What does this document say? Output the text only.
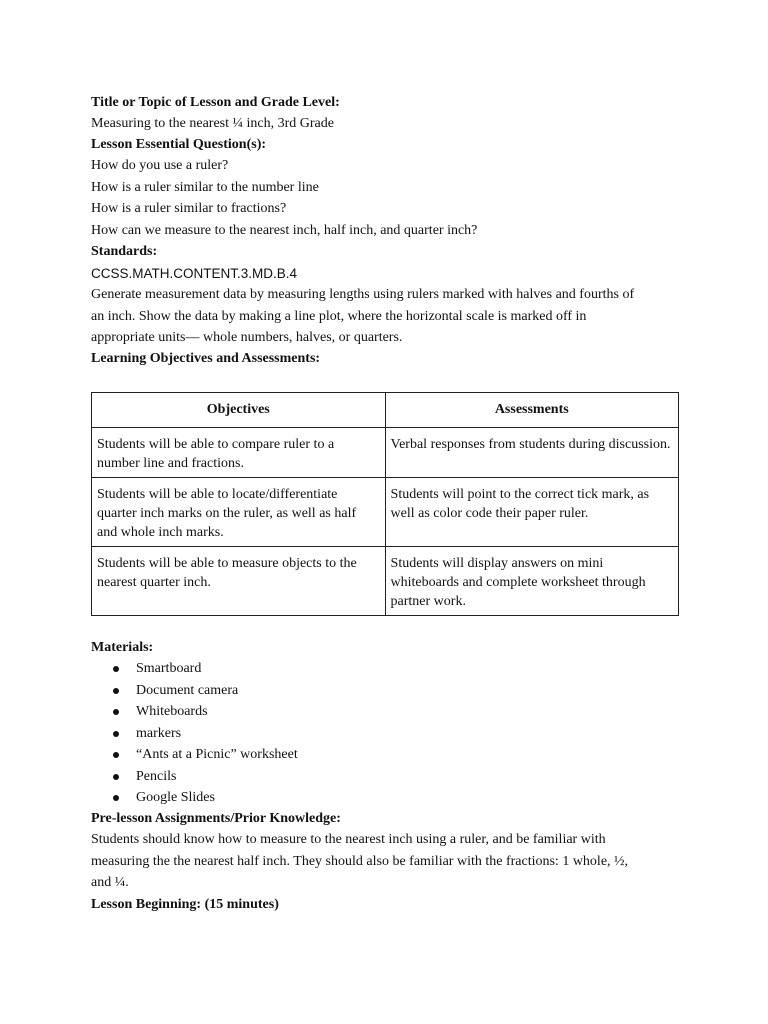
Title or Topic of Lesson and Grade Level:
Measuring to the nearest ¼ inch, 3rd Grade
Lesson Essential Question(s):
How do you use a ruler?
How is a ruler similar to the number line
How is a ruler similar to fractions?
How can we measure to the nearest inch, half inch, and quarter inch?
Standards:
CCSS.MATH.CONTENT.3.MD.B.4
Generate measurement data by measuring lengths using rulers marked with halves and fourths of
an inch. Show the data by making a line plot, where the horizontal scale is marked off in
appropriate units— whole numbers, halves, or quarters.
Learning Objectives and Assessments:
Objectives	Assessments
Students will be able to compare ruler to a number line and fractions.	Verbal responses from students during discussion.
Students will be able to locate/differentiate quarter inch marks on the ruler, as well as half and whole inch marks.	Students will point to the correct tick mark, as well as color code their paper ruler.
Students will be able to measure objects to the nearest quarter inch.	Students will display answers on mini whiteboards and complete worksheet through partner work.
Materials:
Smartboard
Document camera
Whiteboards
markers
“Ants at a Picnic” worksheet
Pencils
Google Slides
Pre-lesson Assignments/Prior Knowledge:
Students should know how to measure to the nearest inch using a ruler, and be familiar with
measuring the the nearest half inch. They should also be familiar with the fractions: 1 whole, ½,
and ¼.
Lesson Beginning: (15 minutes)
